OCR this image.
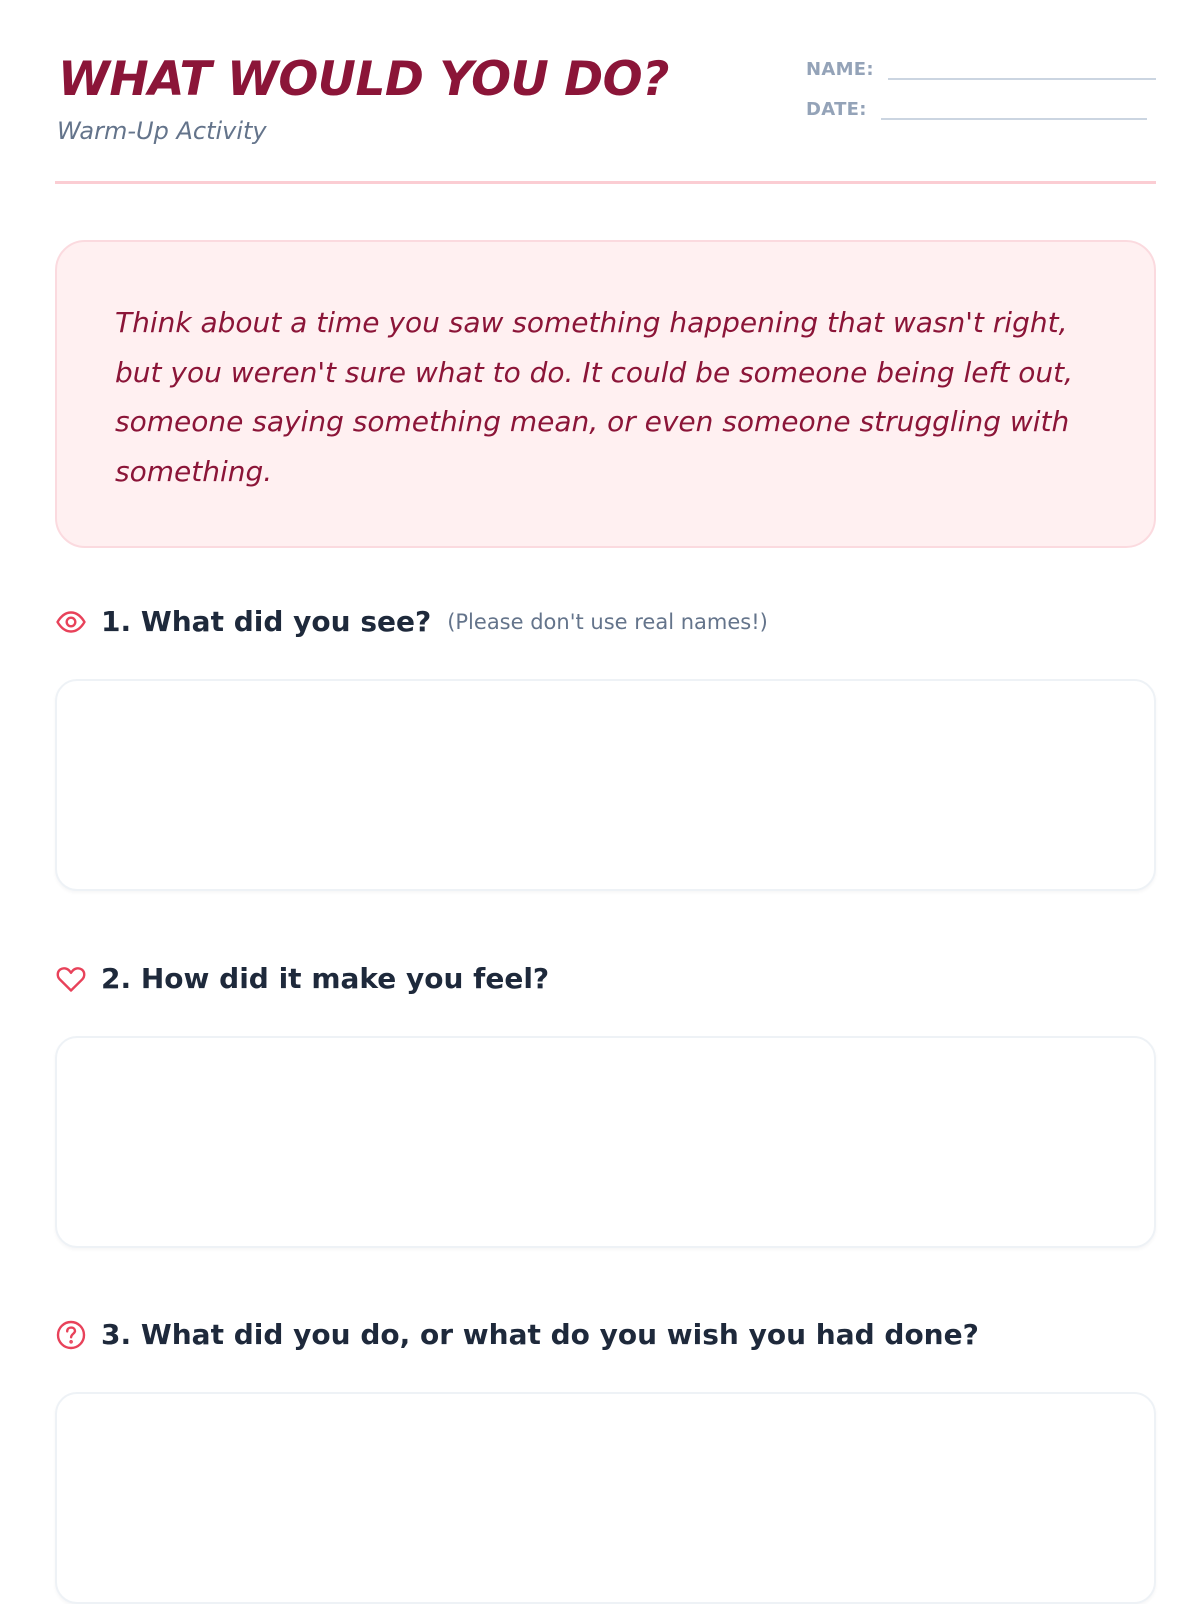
WHAT WOULD YOU DO?

Warm-Up Activity

NAME:
DATE:

Think about a time you saw something happening that wasn't right, but you weren't sure what to do. It could be someone being left out, someone saying something mean, or even someone struggling with something.

1. What did you see? (Please don't use real names!)
2. How did it make you feel?
3. What did you do, or what do you wish you had done?
